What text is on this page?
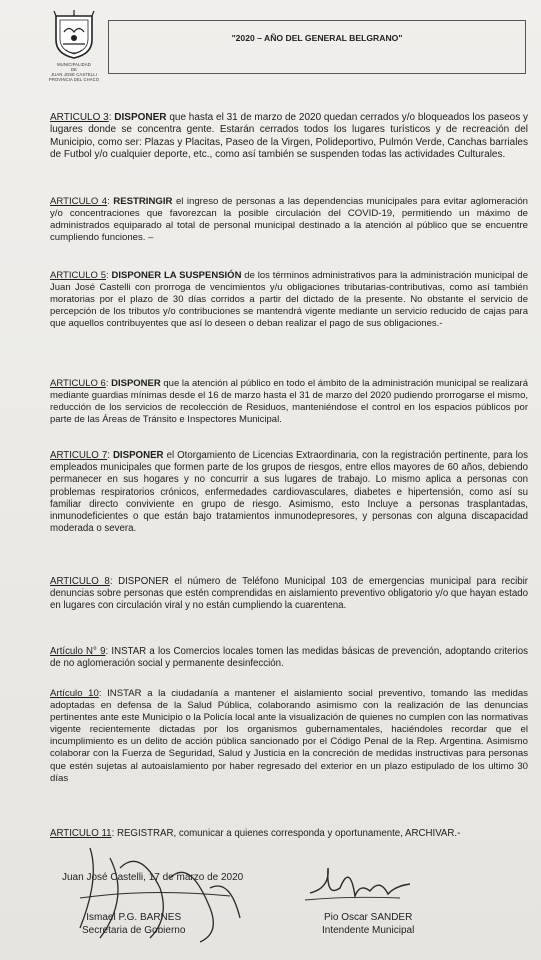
MUNICIPALIDAD
DE
JUAN JOSE CASTELLI
PROVINCIA DEL CHACO
"2020 – AÑO DEL GENERAL BELGRANO"
ARTICULO 3: DISPONER que hasta el 31 de marzo de 2020 quedan cerrados y/o bloqueados los paseos y lugares donde se concentra gente. Estarán cerrados todos los lugares turísticos y de recreación del Municipio, como ser: Plazas y Placitas, Paseo de la Virgen, Polideportivo, Pulmón Verde, Canchas barriales de Futbol y/o cualquier deporte, etc., como así también se suspenden todas las actividades Culturales.
ARTICULO 4: RESTRINGIR el ingreso de personas a las dependencias municipales para evitar aglomeración y/o concentraciones que favorezcan la posible circulación del COVID-19, permitiendo un máximo de administrados equiparado al total de personal municipal destinado a la atención al público que se encuentre cumpliendo funciones. –
ARTICULO 5: DISPONER LA SUSPENSIÓN de los términos administrativos para la administración municipal de Juan José Castelli con prorroga de vencimientos y/u obligaciones tributarias-contributivas, como así también moratorias por el plazo de 30 días corridos a partir del dictado de la presente. No obstante el servicio de percepción de los tributos y/o contribuciones se mantendrá vigente mediante un servicio reducido de cajas para que aquellos contribuyentes que así lo deseen o deban realizar el pago de sus obligaciones.-
ARTICULO 6: DISPONER que la atención al público en todo el ámbito de la administración municipal se realizará mediante guardias mínimas desde el 16 de marzo hasta el 31 de marzo del 2020 pudiendo prorrogarse el mismo, reducción de los servicios de recolección de Residuos, manteniéndose el control en los espacios públicos por parte de las Áreas de Tránsito e Inspectores Municipal.
ARTICULO 7: DISPONER el Otorgamiento de Licencias Extraordinaria, con la registración pertinente, para los empleados municipales que formen parte de los grupos de riesgos, entre ellos mayores de 60 años, debiendo permanecer en sus hogares y no concurrir a sus lugares de trabajo. Lo mismo aplica a personas con problemas respiratorios crónicos, enfermedades cardiovasculares, diabetes e hipertensión, como así su familiar directo conviviente en grupo de riesgo. Asimismo, esto Incluye a personas trasplantadas, inmunodeficientes o que están bajo tratamientos inmunodepresores, y personas con alguna discapacidad moderada o severa.
ARTICULO 8: DISPONER el número de Teléfono Municipal 103 de emergencias municipal para recibir denuncias sobre personas que estén comprendidas en aislamiento preventivo obligatorio y/o que hayan estado en lugares con circulación viral y no están cumpliendo la cuarentena.
Artículo N° 9: INSTAR a los Comercios locales tomen las medidas básicas de prevención, adoptando criterios de no aglomeración social y permanente desinfección.
Artículo 10: INSTAR a la ciudadanía a mantener el aislamiento social preventivo, tomando las medidas adoptadas en defensa de la Salud Pública, colaborando asimismo con la realización de las denuncias pertinentes ante este Municipio o la Policía local ante la visualización de quienes no cumplen con las normativas vigente recientemente dictadas por los organismos gubernamentales, haciéndoles recordar que el incumplimiento es un delito de acción pública sancionado por el Código Penal de la Rep. Argentina. Asimismo colaborar con la Fuerza de Seguridad, Salud y Justicia en la concreción de medidas instructivas para personas que estén sujetas al autoaislamiento por haber regresado del exterior en un plazo estipulado de los ultimo 30 días
ARTICULO 11: REGISTRAR, comunicar a quienes corresponda y oportunamente, ARCHIVAR.-
Juan José Castelli, 17 de marzo de 2020
Ismael P.G. BARNES
Secretaria de Gobierno
Pio Oscar SANDER
Intendente Municipal
